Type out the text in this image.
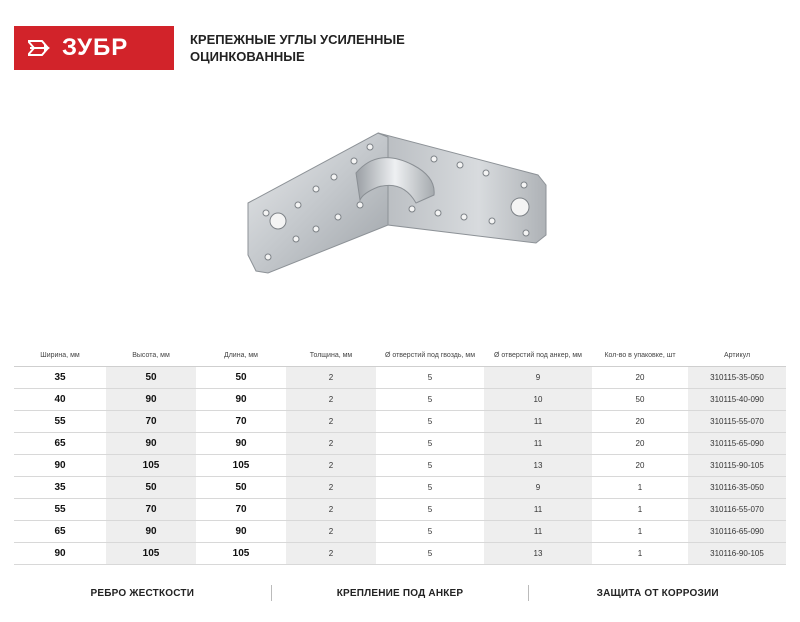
ЗУБР	КРЕПЕЖНЫЕ УГЛЫ УСИЛЕННЫЕ
ОЦИНКОВАННЫЕ
Ширина, мм	Высота, мм	Длина, мм	Толщина, мм	Ø отверстий под гвоздь, мм	Ø отверстий под анкер, мм	Кол-во в упаковке, шт	Артикул
35	50	50	2	5	9	20	310115-35-050
40	90	90	2	5	10	50	310115-40-090
55	70	70	2	5	11	20	310115-55-070
65	90	90	2	5	11	20	310115-65-090
90	105	105	2	5	13	20	310115-90-105
35	50	50	2	5	9	1	310116-35-050
55	70	70	2	5	11	1	310116-55-070
65	90	90	2	5	11	1	310116-65-090
90	105	105	2	5	13	1	310116-90-105
РЕБРО ЖЕСТКОСТИ	КРЕПЛЕНИЕ ПОД АНКЕР	ЗАЩИТА ОТ КОРРОЗИИ
